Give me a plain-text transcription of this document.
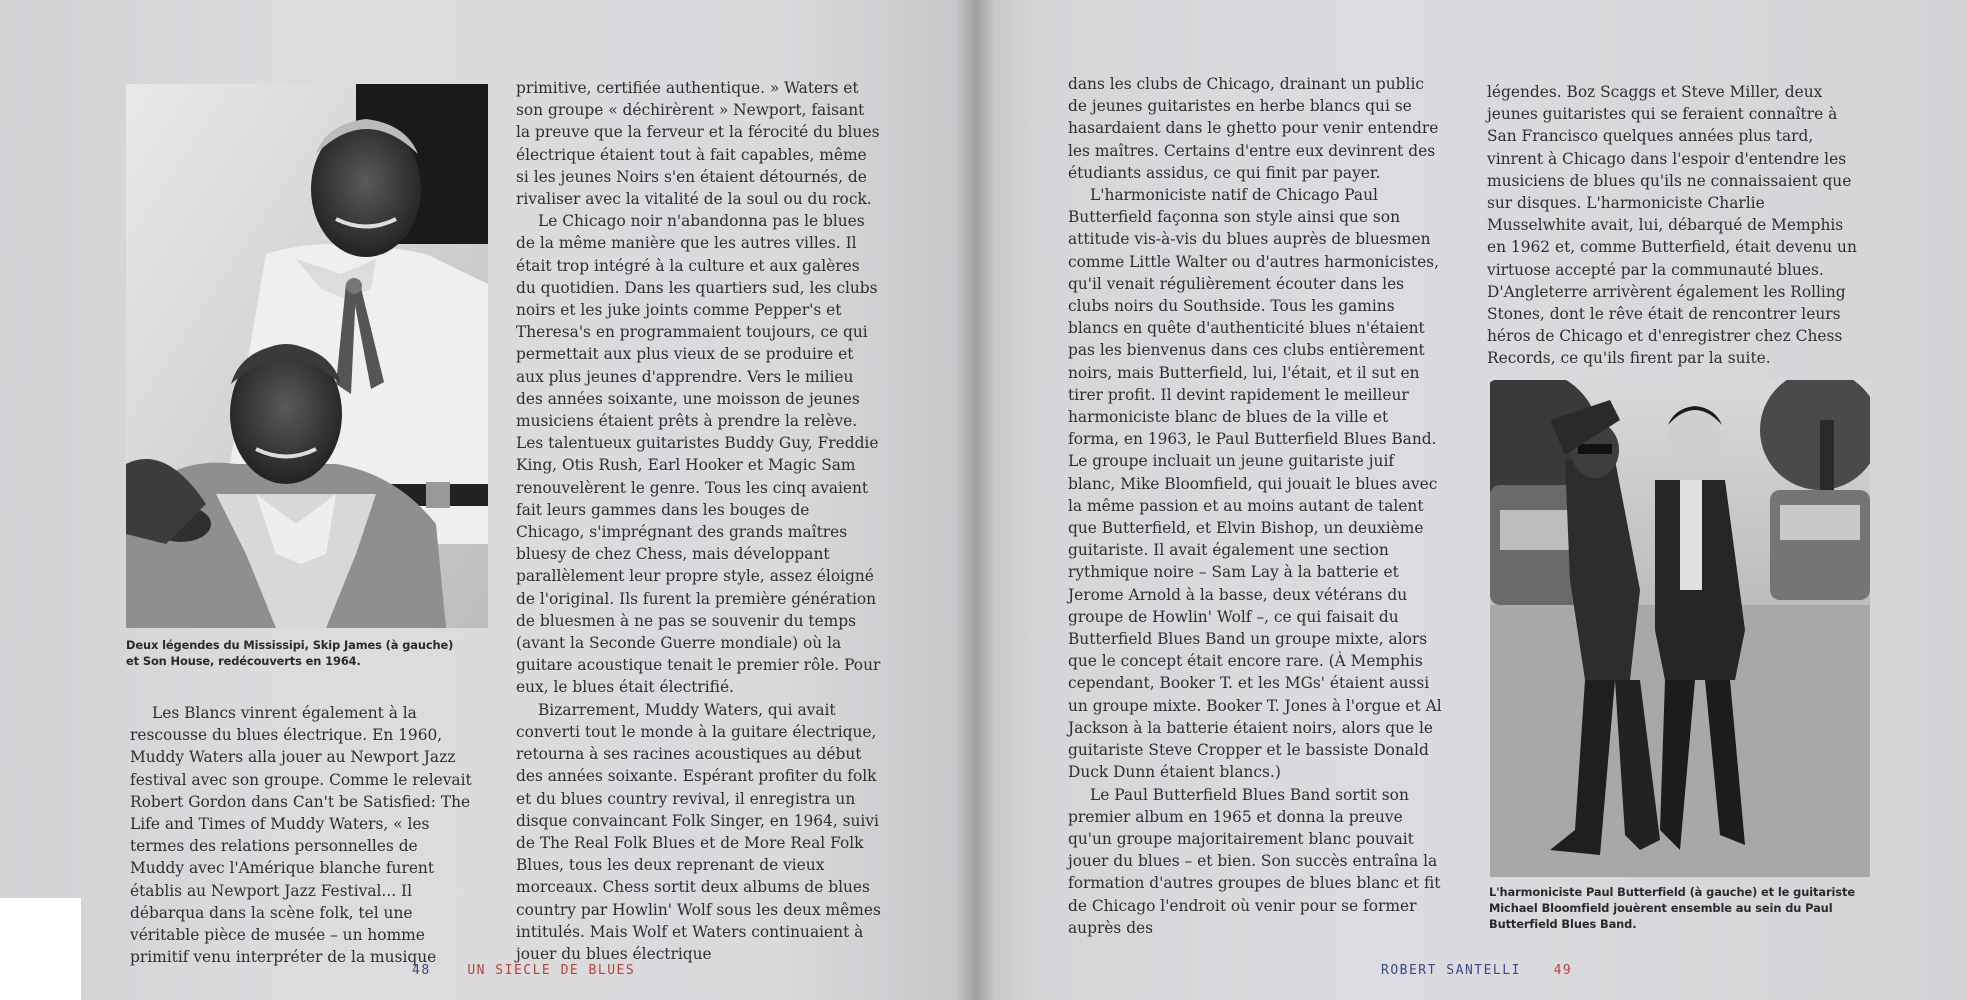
Deux légendes du Mississipi, Skip James (à gauche) et Son House, redécouverts en 1964.

Les Blancs vinrent également à la rescousse du blues électrique. En 1960, Muddy Waters alla jouer au Newport Jazz festival avec son groupe. Comme le relevait Robert Gordon dans Can't be Satisfied: The Life and Times of Muddy Waters, « les termes des relations personnelles de Muddy avec l'Amérique blanche furent établis au Newport Jazz Festival... Il débarqua dans la scène folk, tel une véritable pièce de musée – un homme primitif venu interpréter de la musique

primitive, certifiée authentique. » Waters et son groupe « déchirèrent » Newport, faisant la preuve que la ferveur et la férocité du blues électrique étaient tout à fait capables, même si les jeunes Noirs s'en étaient détournés, de rivaliser avec la vitalité de la soul ou du rock.

Le Chicago noir n'abandonna pas le blues de la même manière que les autres villes. Il était trop intégré à la culture et aux galères du quotidien. Dans les quartiers sud, les clubs noirs et les juke joints comme Pepper's et Theresa's en programmaient toujours, ce qui permettait aux plus vieux de se produire et aux plus jeunes d'apprendre. Vers le milieu des années soixante, une moisson de jeunes musiciens étaient prêts à prendre la relève. Les talentueux guitaristes Buddy Guy, Freddie King, Otis Rush, Earl Hooker et Magic Sam renouvelèrent le genre. Tous les cinq avaient fait leurs gammes dans les bouges de Chicago, s'imprégnant des grands maîtres bluesy de chez Chess, mais développant parallèlement leur propre style, assez éloigné de l'original. Ils furent la première génération de bluesmen à ne pas se souvenir du temps (avant la Seconde Guerre mondiale) où la guitare acoustique tenait le premier rôle. Pour eux, le blues était électrifié.

Bizarrement, Muddy Waters, qui avait converti tout le monde à la guitare électrique, retourna à ses racines acoustiques au début des années soixante. Espérant profiter du folk et du blues country revival, il enregistra un disque convaincant Folk Singer, en 1964, suivi de The Real Folk Blues et de More Real Folk Blues, tous les deux reprenant de vieux morceaux. Chess sortit deux albums de blues country par Howlin' Wolf sous les deux mêmes intitulés. Mais Wolf et Waters continuaient à jouer du blues électrique

48	UN SIECLE DE BLUES

dans les clubs de Chicago, drainant un public de jeunes guitaristes en herbe blancs qui se hasardaient dans le ghetto pour venir entendre les maîtres. Certains d'entre eux devinrent des étudiants assidus, ce qui finit par payer.

L'harmoniciste natif de Chicago Paul Butterfield façonna son style ainsi que son attitude vis-à-vis du blues auprès de bluesmen comme Little Walter ou d'autres harmonicistes, qu'il venait régulièrement écouter dans les clubs noirs du Southside. Tous les gamins blancs en quête d'authenticité blues n'étaient pas les bienvenus dans ces clubs entièrement noirs, mais Butterfield, lui, l'était, et il sut en tirer profit. Il devint rapidement le meilleur harmoniciste blanc de blues de la ville et forma, en 1963, le Paul Butterfield Blues Band. Le groupe incluait un jeune guitariste juif blanc, Mike Bloomfield, qui jouait le blues avec la même passion et au moins autant de talent que Butterfield, et Elvin Bishop, un deuxième guitariste. Il avait également une section rythmique noire – Sam Lay à la batterie et Jerome Arnold à la basse, deux vétérans du groupe de Howlin' Wolf –, ce qui faisait du Butterfield Blues Band un groupe mixte, alors que le concept était encore rare. (À Memphis cependant, Booker T. et les MGs' étaient aussi un groupe mixte. Booker T. Jones à l'orgue et Al Jackson à la batterie étaient noirs, alors que le guitariste Steve Cropper et le bassiste Donald Duck Dunn étaient blancs.)

Le Paul Butterfield Blues Band sortit son premier album en 1965 et donna la preuve qu'un groupe majoritairement blanc pouvait jouer du blues – et bien. Son succès entraîna la formation d'autres groupes de blues blanc et fit de Chicago l'endroit où venir pour se former auprès des

légendes. Boz Scaggs et Steve Miller, deux jeunes guitaristes qui se feraient connaître à San Francisco quelques années plus tard, vinrent à Chicago dans l'espoir d'entendre les musiciens de blues qu'ils ne connaissaient que sur disques. L'harmoniciste Charlie Musselwhite avait, lui, débarqué de Memphis en 1962 et, comme Butterfield, était devenu un virtuose accepté par la communauté blues. D'Angleterre arrivèrent également les Rolling Stones, dont le rêve était de rencontrer leurs héros de Chicago et d'enregistrer chez Chess Records, ce qu'ils firent par la suite.

L'harmoniciste Paul Butterfield (à gauche) et le guitariste Michael Bloomfield jouèrent ensemble au sein du Paul Butterfield Blues Band.
ROBERT SANTELLI	49
